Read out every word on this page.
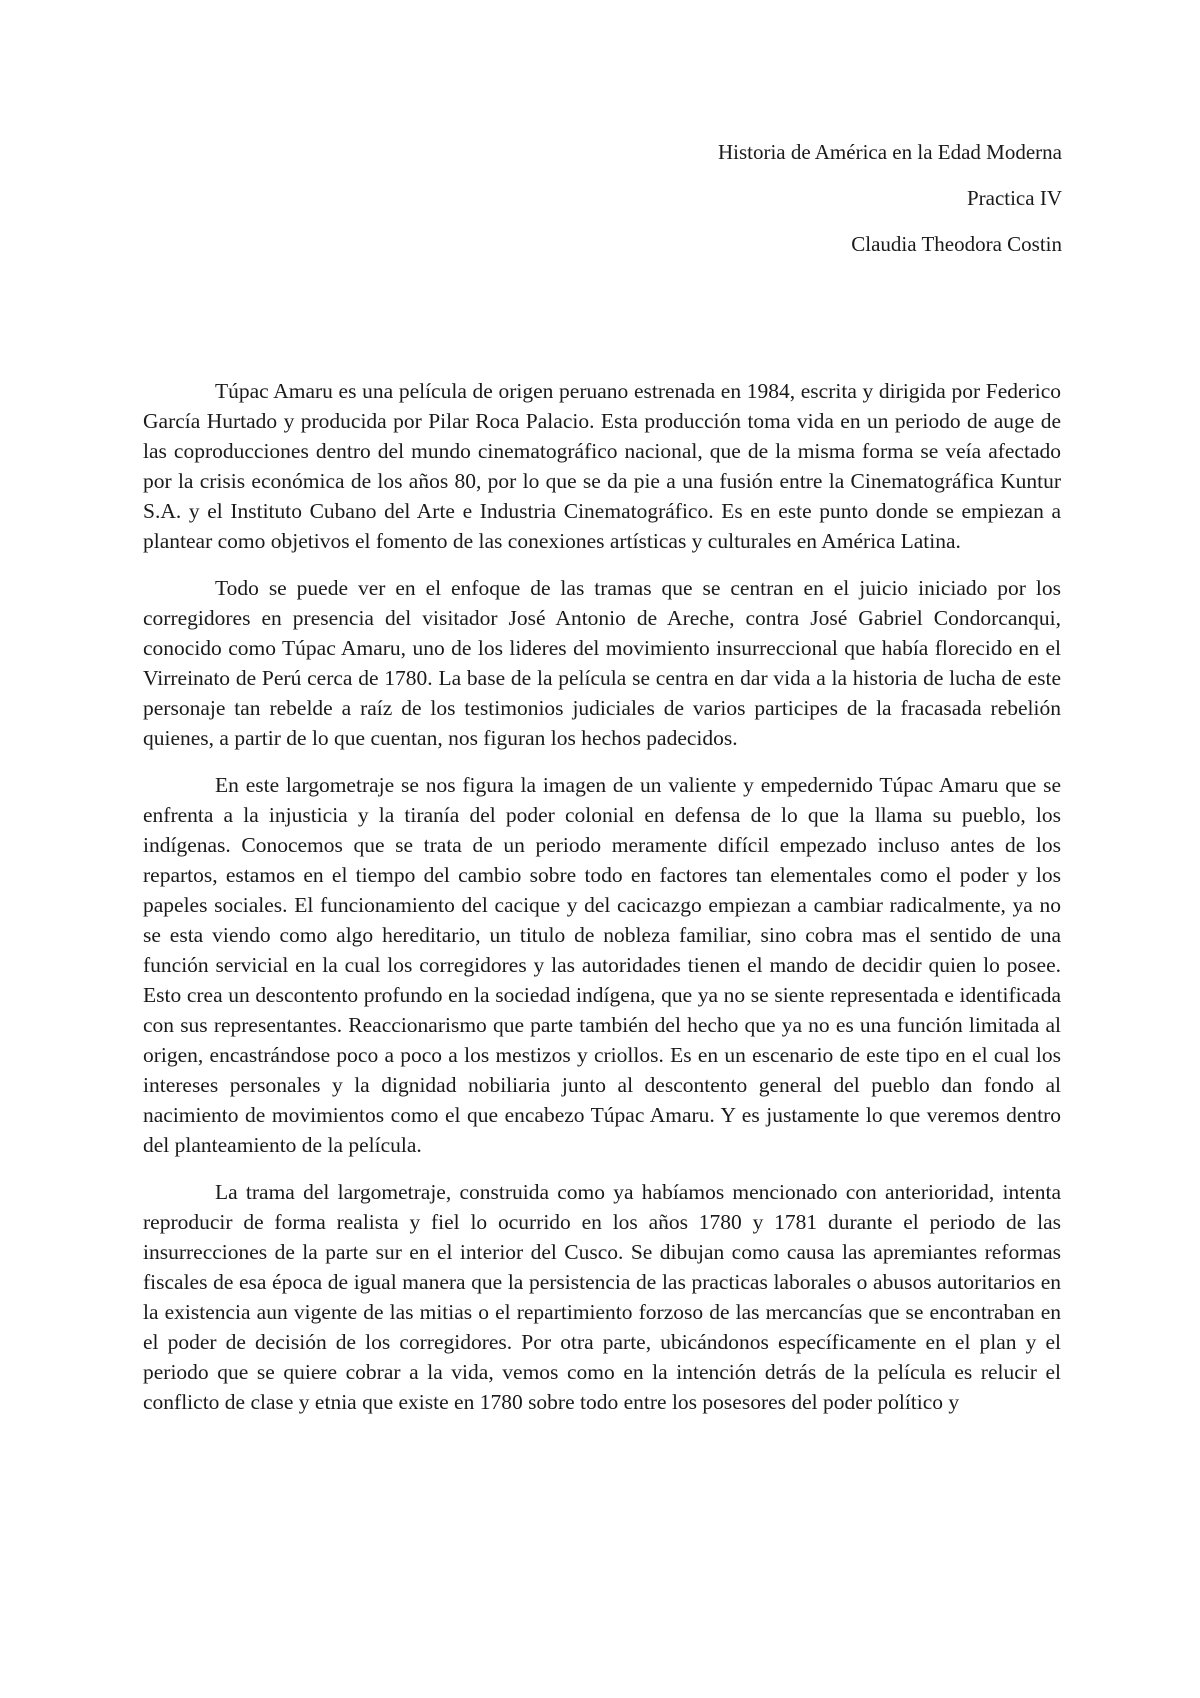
Historia de América en la Edad Moderna
Practica IV
Claudia Theodora Costin

Túpac Amaru es una película de origen peruano estrenada en 1984, escrita y dirigida por Federico García Hurtado y producida por Pilar Roca Palacio. Esta producción toma vida en un periodo de auge de las coproducciones dentro del mundo cinematográfico nacional, que de la misma forma se veía afectado por la crisis económica de los años 80, por lo que se da pie a una fusión entre la Cinematográfica Kuntur S.A. y el Instituto Cubano del Arte e Industria Cinematográfico. Es en este punto donde se empiezan a plantear como objetivos el fomento de las conexiones artísticas y culturales en América Latina.

Todo se puede ver en el enfoque de las tramas que se centran en el juicio iniciado por los corregidores en presencia del visitador José Antonio de Areche, contra José Gabriel Condorcanqui, conocido como Túpac Amaru, uno de los lideres del movimiento insurreccional que había florecido en el Virreinato de Perú cerca de 1780. La base de la película se centra en dar vida a la historia de lucha de este personaje tan rebelde a raíz de los testimonios judiciales de varios participes de la fracasada rebelión quienes, a partir de lo que cuentan, nos figuran los hechos padecidos.

En este largometraje se nos figura la imagen de un valiente y empedernido Túpac Amaru que se enfrenta a la injusticia y la tiranía del poder colonial en defensa de lo que la llama su pueblo, los indígenas. Conocemos que se trata de un periodo meramente difícil empezado incluso antes de los repartos, estamos en el tiempo del cambio sobre todo en factores tan elementales como el poder y los papeles sociales. El funcionamiento del cacique y del cacicazgo empiezan a cambiar radicalmente, ya no se esta viendo como algo hereditario, un titulo de nobleza familiar, sino cobra mas el sentido de una función servicial en la cual los corregidores y las autoridades tienen el mando de decidir quien lo posee. Esto crea un descontento profundo en la sociedad indígena, que ya no se siente representada e identificada con sus representantes. Reaccionarismo que parte también del hecho que ya no es una función limitada al origen, encastrándose poco a poco a los mestizos y criollos. Es en un escenario de este tipo en el cual los intereses personales y la dignidad nobiliaria junto al descontento general del pueblo dan fondo al nacimiento de movimientos como el que encabezo Túpac Amaru. Y es justamente lo que veremos dentro del planteamiento de la película.

La trama del largometraje, construida como ya habíamos mencionado con anterioridad, intenta reproducir de forma realista y fiel lo ocurrido en los años 1780 y 1781 durante el periodo de las insurrecciones de la parte sur en el interior del Cusco. Se dibujan como causa las apremiantes reformas fiscales de esa época de igual manera que la persistencia de las practicas laborales o abusos autoritarios en la existencia aun vigente de las mitias o el repartimiento forzoso de las mercancías que se encontraban en el poder de decisión de los corregidores. Por otra parte, ubicándonos específicamente en el plan y el periodo que se quiere cobrar a la vida, vemos como en la intención detrás de la película es relucir el conflicto de clase y etnia que existe en 1780 sobre todo entre los posesores del poder político y
